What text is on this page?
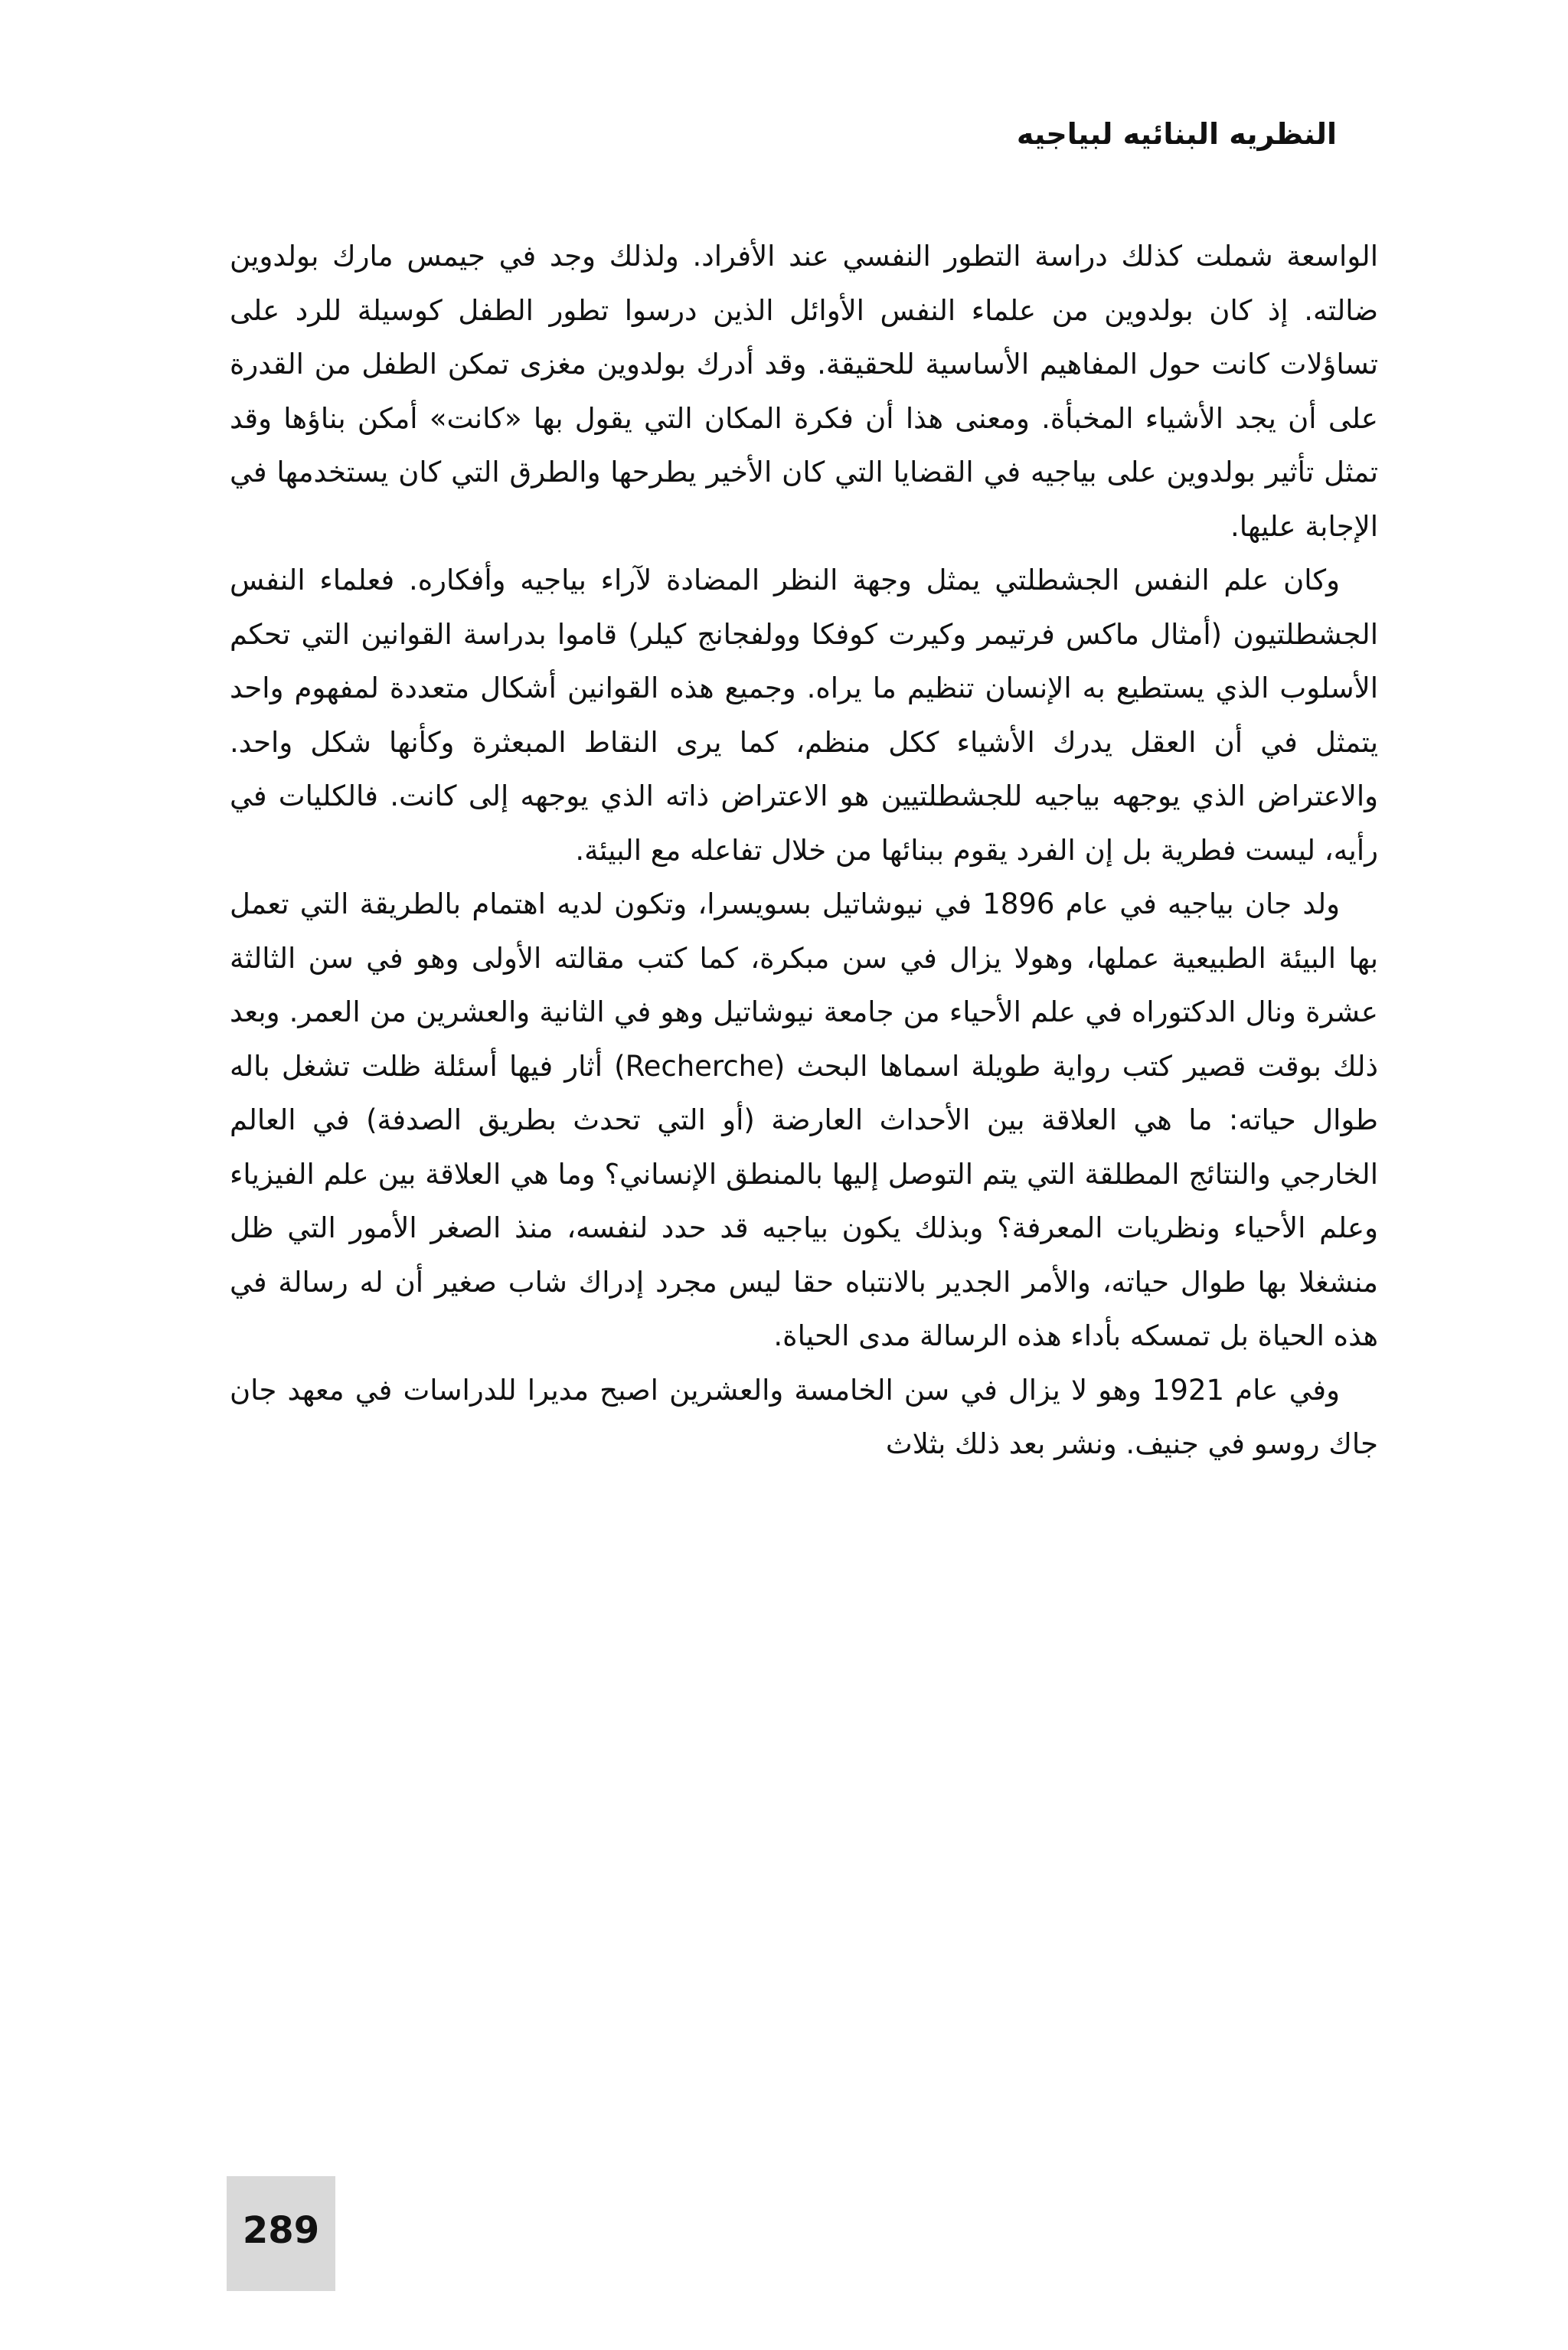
النظريه البنائيه لبياجيه

الواسعة شملت كذلك دراسة التطور النفسي عند الأفراد. ولذلك وجد في جيمس مارك بولدوين ضالته. إذ كان بولدوين من علماء النفس الأوائل الذين درسوا تطور الطفل كوسيلة للرد على تساؤلات كانت حول المفاهيم الأساسية للحقيقة. وقد أدرك بولدوين مغزى تمكن الطفل من القدرة على أن يجد الأشياء المخبأة. ومعنى هذا أن فكرة المكان التي يقول بها «كانت» أمكن بناؤها وقد تمثل تأثير بولدوين على بياجيه في القضايا التي كان الأخير يطرحها والطرق التي كان يستخدمها في الإجابة عليها.

وكان علم النفس الجشطلتي يمثل وجهة النظر المضادة لآراء بياجيه وأفكاره. فعلماء النفس الجشطلتيون (أمثال ماكس فرتيمر وكيرت كوفكا وولفجانج كيلر) قاموا بدراسة القوانين التي تحكم الأسلوب الذي يستطيع به الإنسان تنظيم ما يراه. وجميع هذه القوانين أشكال متعددة لمفهوم واحد يتمثل في أن العقل يدرك الأشياء ككل منظم، كما يرى النقاط المبعثرة وكأنها شكل واحد. والاعتراض الذي يوجهه بياجيه للجشطلتيين هو الاعتراض ذاته الذي يوجهه إلى كانت. فالكليات في رأيه، ليست فطرية بل إن الفرد يقوم ببنائها من خلال تفاعله مع البيئة.

ولد جان بياجيه في عام 1896 في نيوشاتيل بسويسرا، وتكون لديه اهتمام بالطريقة التي تعمل بها البيئة الطبيعية عملها، وهولا يزال في سن مبكرة، كما كتب مقالته الأولى وهو في سن الثالثة عشرة ونال الدكتوراه في علم الأحياء من جامعة نيوشاتيل وهو في الثانية والعشرين من العمر. وبعد ذلك بوقت قصير كتب رواية طويلة اسماها البحث (Recherche) أثار فيها أسئلة ظلت تشغل باله طوال حياته: ما هي العلاقة بين الأحداث العارضة (أو التي تحدث بطريق الصدفة) في العالم الخارجي والنتائج المطلقة التي يتم التوصل إليها بالمنطق الإنساني؟ وما هي العلاقة بين علم الفيزياء وعلم الأحياء ونظريات المعرفة؟ وبذلك يكون بياجيه قد حدد لنفسه، منذ الصغر الأمور التي ظل منشغلا بها طوال حياته، والأمر الجدير بالانتباه حقا ليس مجرد إدراك شاب صغير أن له رسالة في هذه الحياة بل تمسكه بأداء هذه الرسالة مدى الحياة.

وفي عام 1921 وهو لا يزال في سن الخامسة والعشرين اصبح مديرا للدراسات في معهد جان جاك روسو في جنيف. ونشر بعد ذلك بثلاث

289
